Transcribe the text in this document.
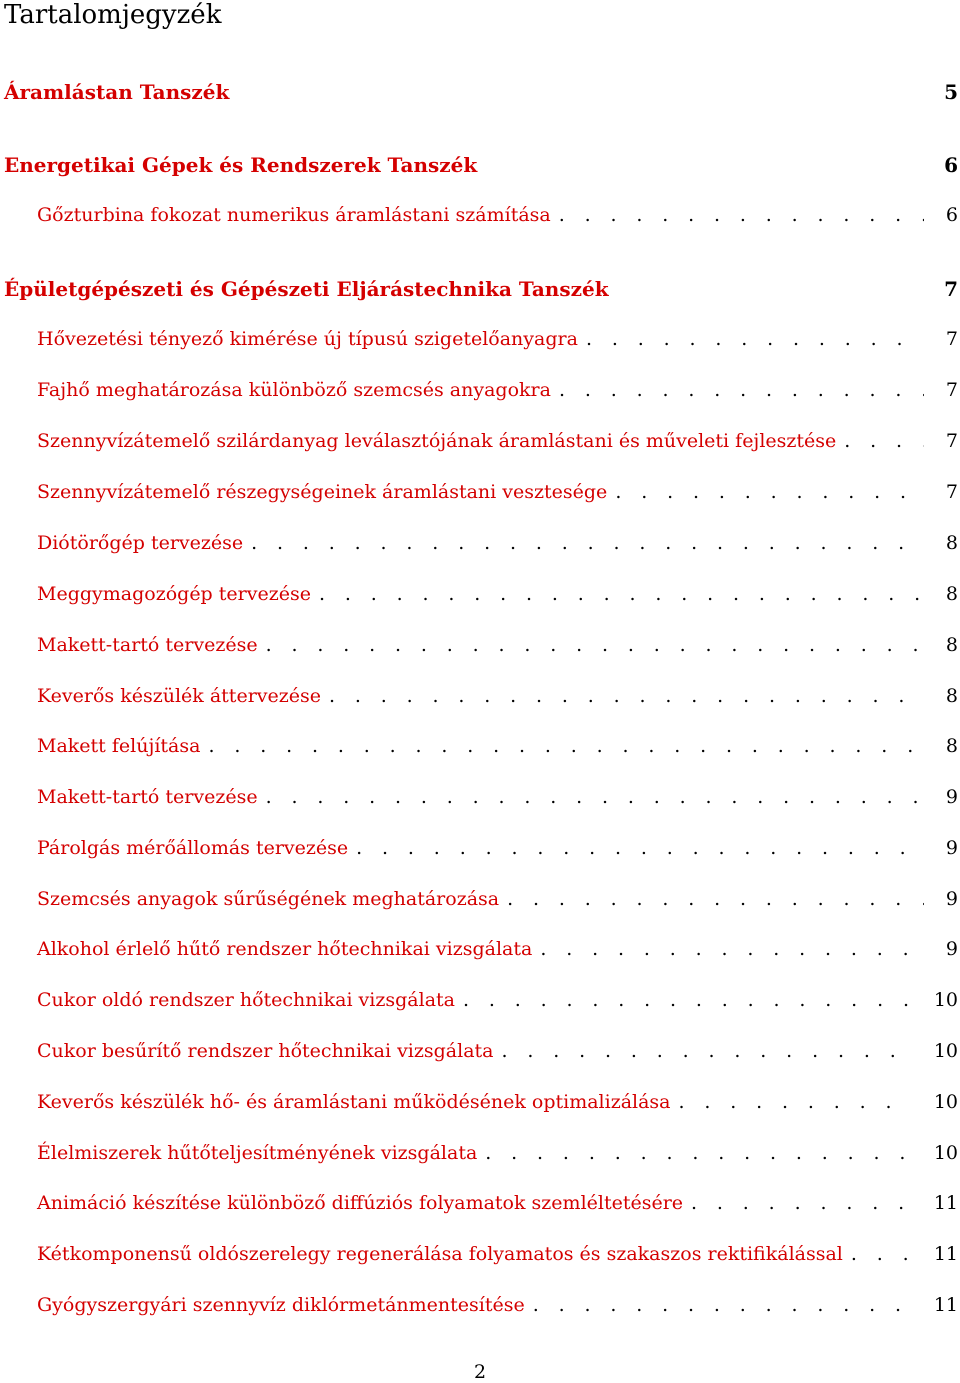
Tartalomjegyzék
Áramlástan Tanszék	5
Energetikai Gépek és Rendszerek Tanszék	6
Gőzturbina fokozat numerikus áramlástani számítása . . .	6
Épületgépészeti és Gépészeti Eljárástechnika Tanszék	7
Hővezetési tényező kimérése új típusú szigetelőanyagra . . .	7
Fajhő meghatározása különböző szemcsés anyagokra . . .	7
Szennyvízátemelő szilárdanyag leválasztójának áramlástani és műveleti fejlesztése . . .	7
Szennyvízátemelő részegységeinek áramlástani vesztesége . . .	7
Diótörőgép tervezése . . .	8
Meggymagozógép tervezése . . .	8
Makett-tartó tervezése . . .	8
Keverős készülék áttervezése . . .	8
Makett felújítása . . .	8
Makett-tartó tervezése . . .	9
Párolgás mérőállomás tervezése . . .	9
Szemcsés anyagok sűrűségének meghatározása . . .	9
Alkohol érlelő hűtő rendszer hőtechnikai vizsgálata . . .	9
Cukor oldó rendszer hőtechnikai vizsgálata . . .	10
Cukor besűrítő rendszer hőtechnikai vizsgálata . . .	10
Keverős készülék hő- és áramlástani működésének optimalizálása . . .	10
Élelmiszerek hűtőteljesítményének vizsgálata . . .	10
Animáció készítése különböző diffúziós folyamatok szemléltetésére . . .	11
Kétkomponensű oldószerelegy regenerálása folyamatos és szakaszos rektifikálással . . .	11
Gyógyszergyári szennyvíz diklórmetánmentesítése . . .	11
2
